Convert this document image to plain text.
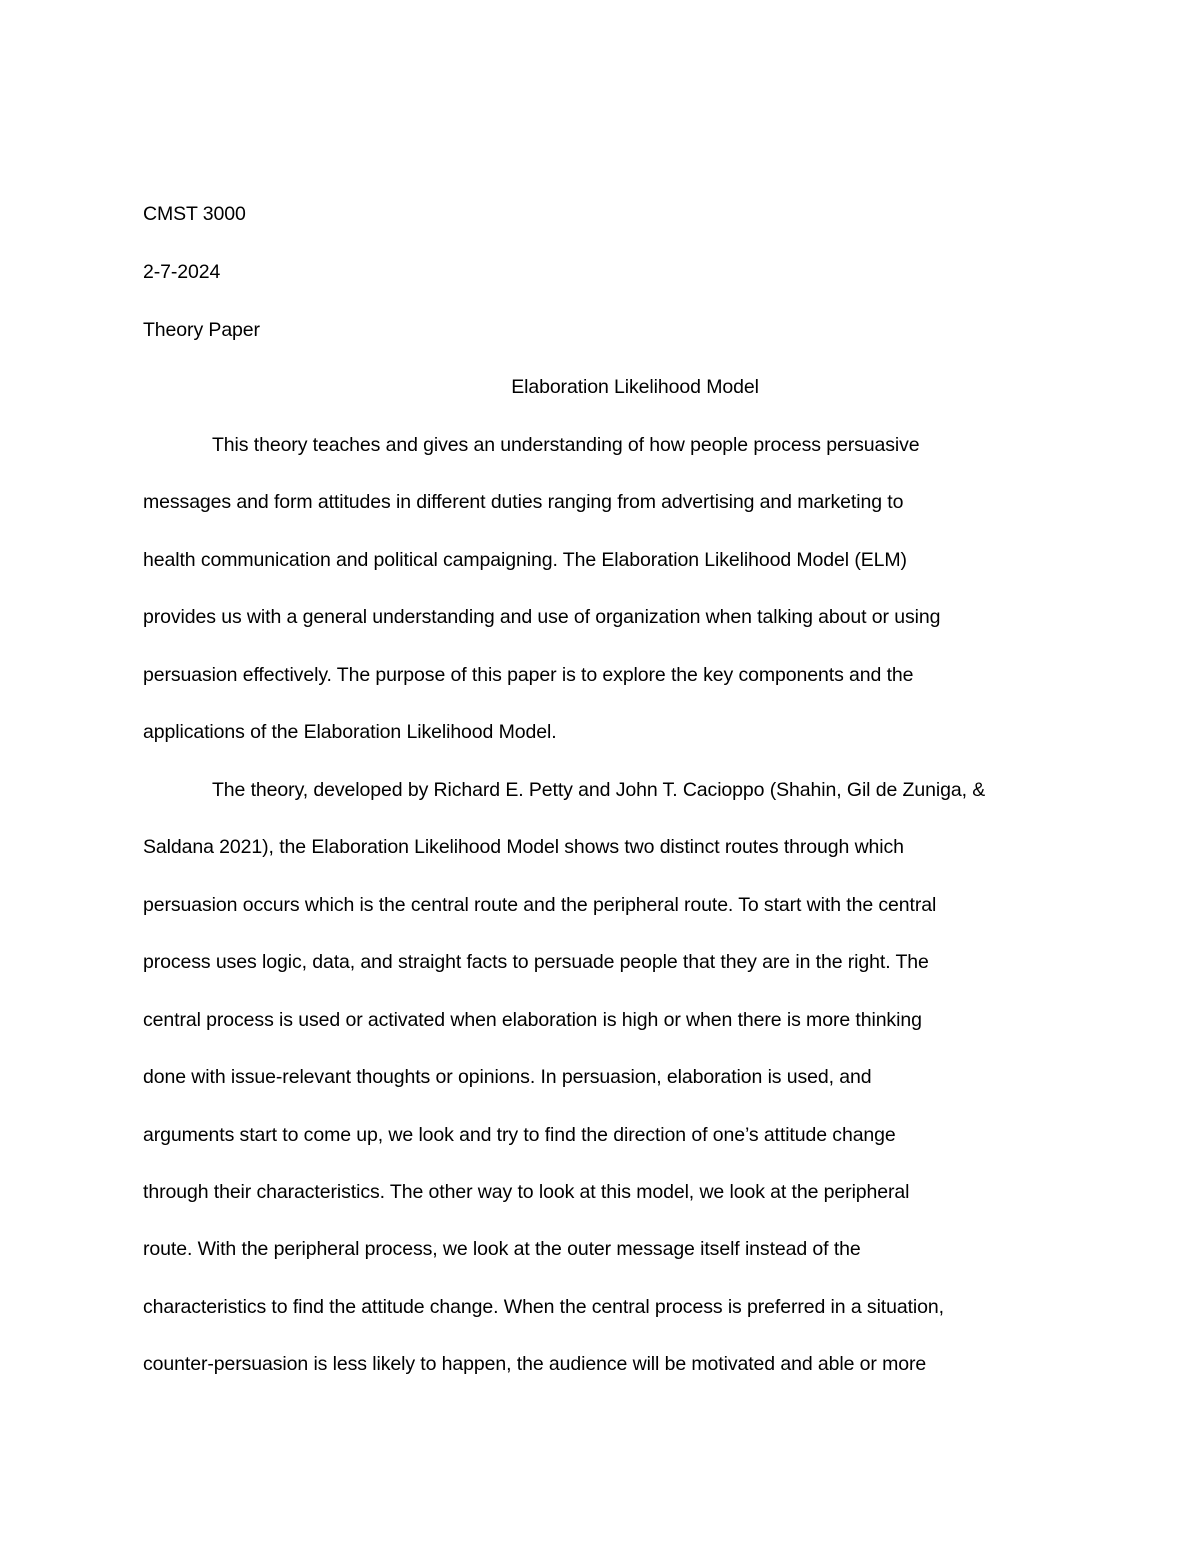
CMST 3000
2-7-2024
Theory Paper
Elaboration Likelihood Model
This theory teaches and gives an understanding of how people process persuasive
messages and form attitudes in different duties ranging from advertising and marketing to
health communication and political campaigning. The Elaboration Likelihood Model (ELM)
provides us with a general understanding and use of organization when talking about or using
persuasion effectively. The purpose of this paper is to explore the key components and the
applications of the Elaboration Likelihood Model.
The theory, developed by Richard E. Petty and John T. Cacioppo (Shahin, Gil de Zuniga, &
Saldana 2021), the Elaboration Likelihood Model shows two distinct routes through which
persuasion occurs which is the central route and the peripheral route. To start with the central
process uses logic, data, and straight facts to persuade people that they are in the right. The
central process is used or activated when elaboration is high or when there is more thinking
done with issue-relevant thoughts or opinions. In persuasion, elaboration is used, and
arguments start to come up, we look and try to find the direction of one’s attitude change
through their characteristics. The other way to look at this model, we look at the peripheral
route. With the peripheral process, we look at the outer message itself instead of the
characteristics to find the attitude change. When the central process is preferred in a situation,
counter-persuasion is less likely to happen, the audience will be motivated and able or more
